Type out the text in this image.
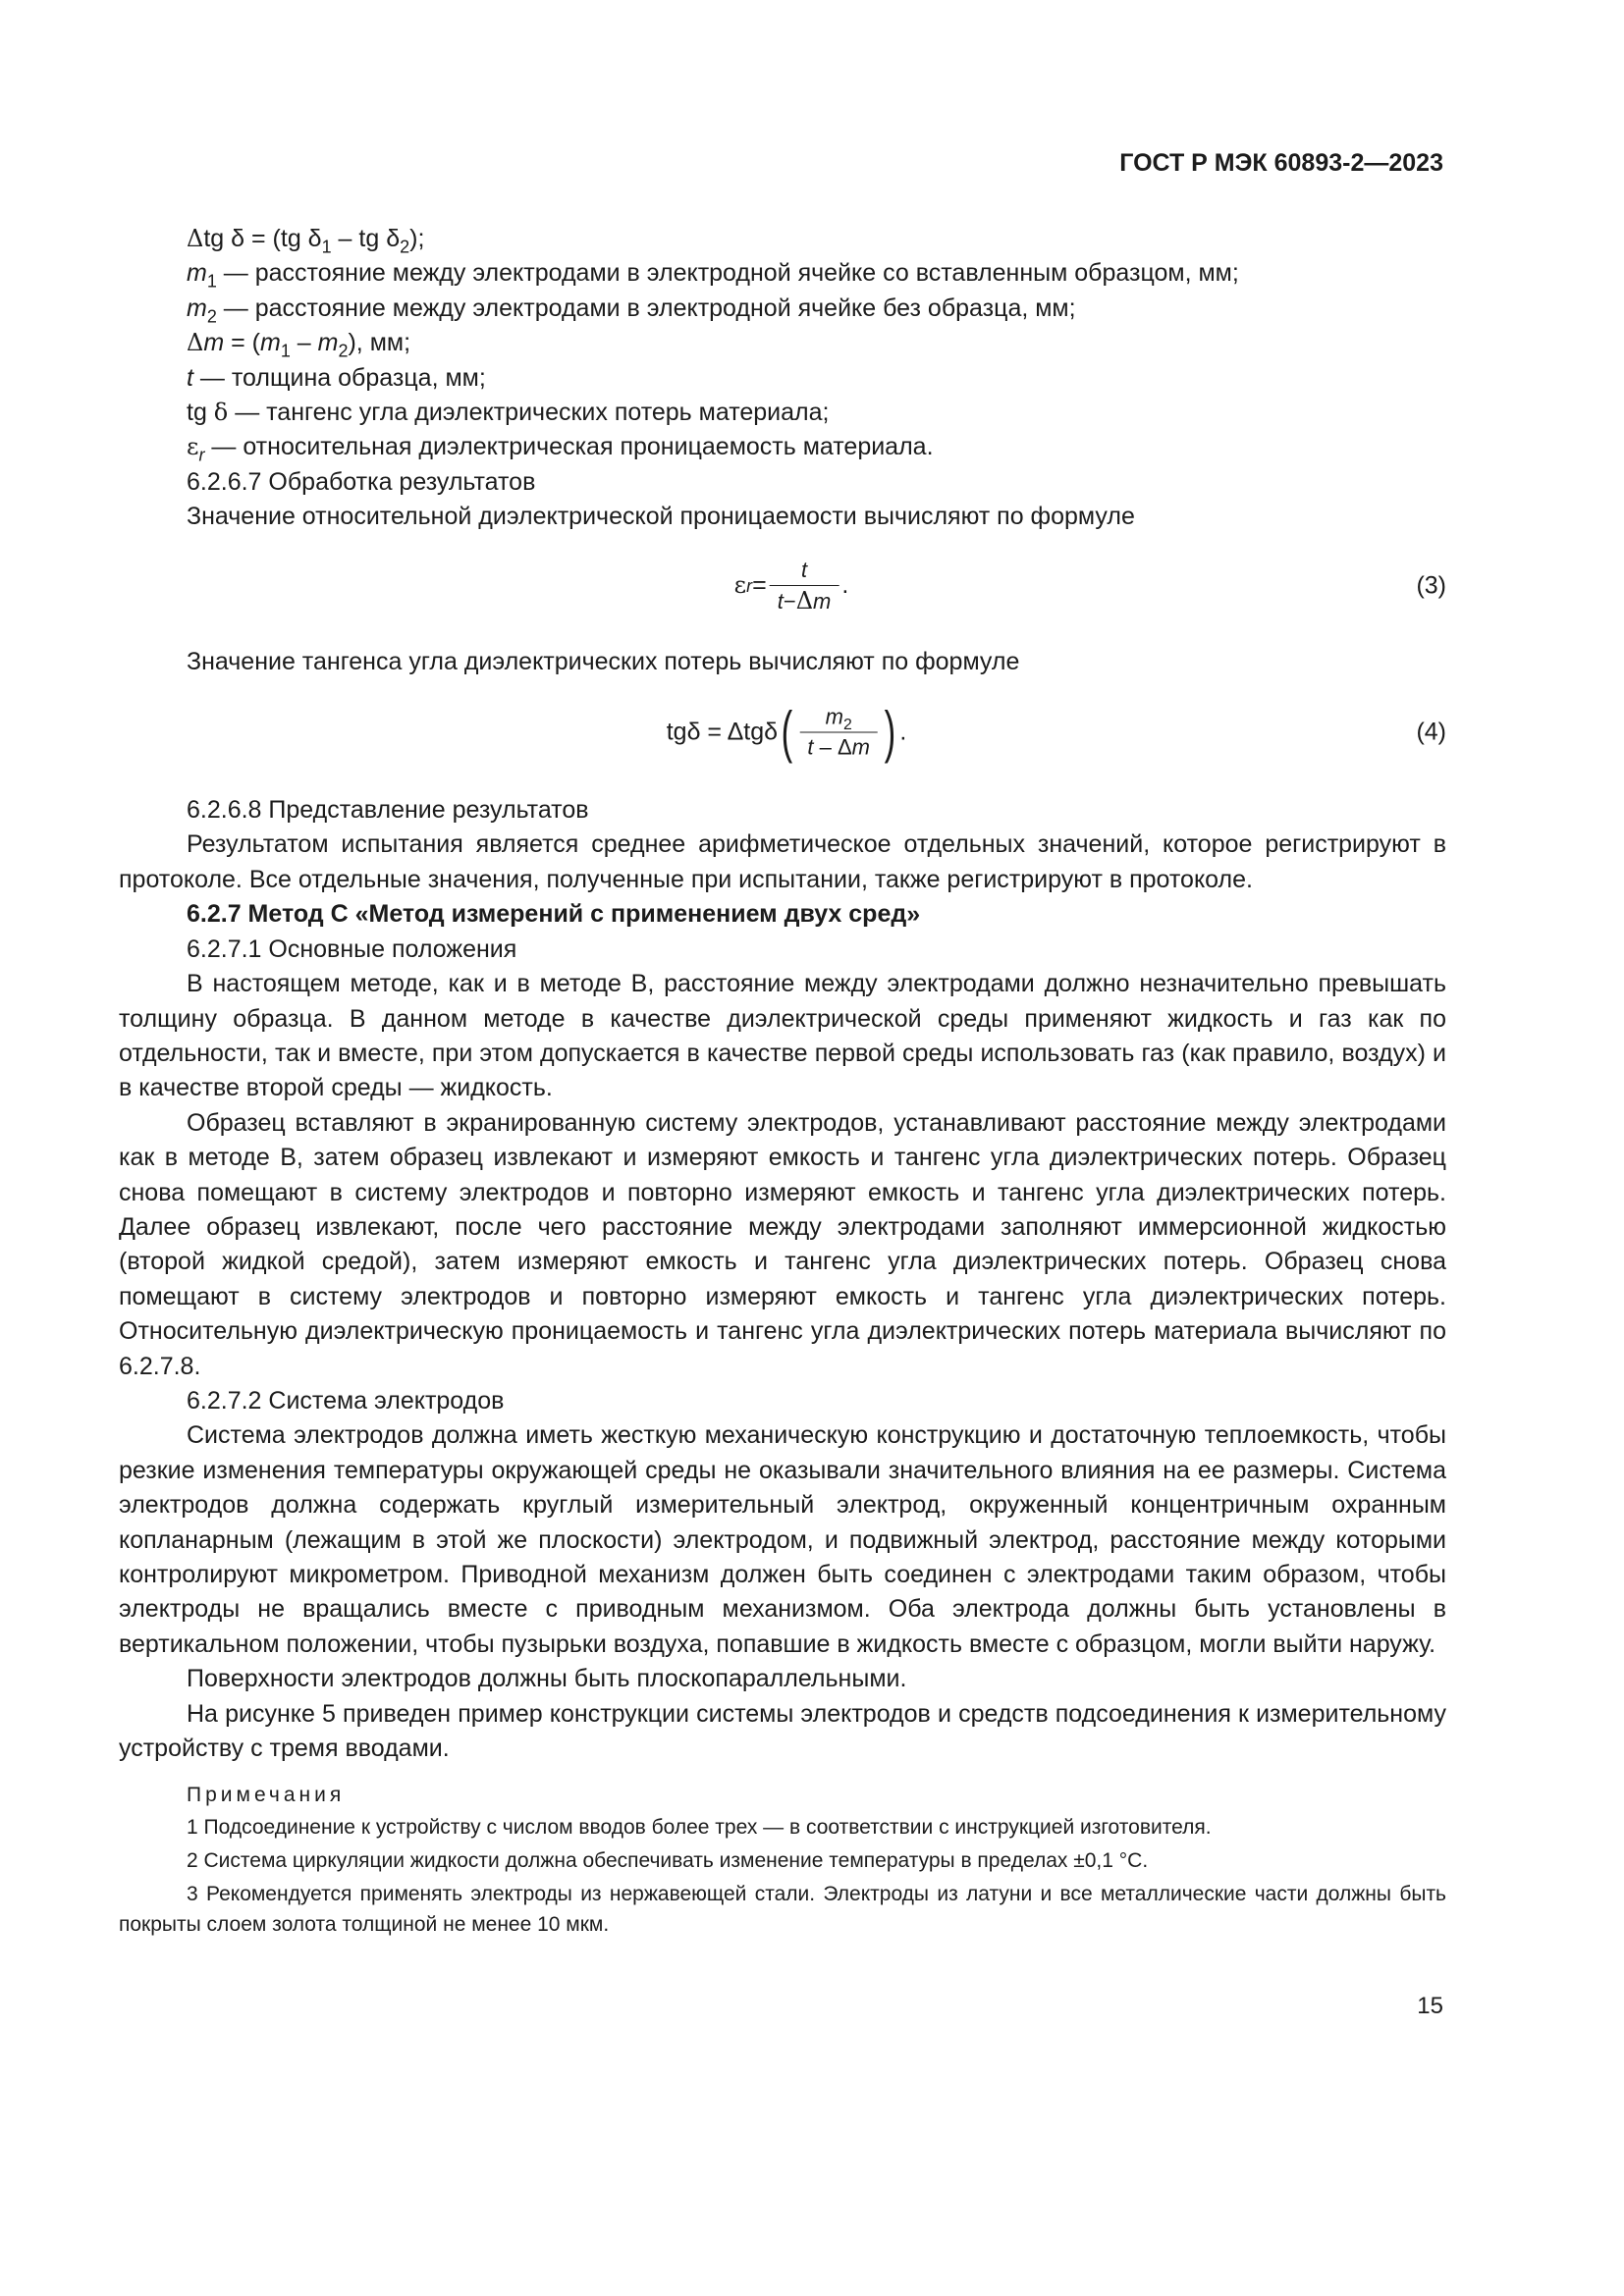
ГОСТ Р МЭК 60893-2—2023

Δtg δ = (tg $\delta_1$ – tg $\delta_2$);

$m_1$ — расстояние между электродами в электродной ячейке со вставленным образцом, мм;

$m_2$ — расстояние между электродами в электродной ячейке без образца, мм;

$\Delta m = (m_1 - m_2)$, мм;

t — толщина образца, мм;

tg δ — тангенс угла диэлектрических потерь материала;

$\varepsilon_r$ — относительная диэлектрическая проницаемость материала.

6.2.6.7 Обработка результатов

Значение относительной диэлектрической проницаемости вычисляют по формуле

ε $r = \frac{t}{t-\Delta m}$ .	(3)

Значение тангенса угла диэлектрических потерь вычисляют по формуле

tgδ = Δtgδ ( $\frac{m_2}{t - \Delta m}$ ) .	(4)

6.2.6.8 Представление результатов

Результатом испытания является среднее арифметическое отдельных значений, которое регистрируют в протоколе. Все отдельные значения, полученные при испытании, также регистрируют в протоколе.

6.2.7 Метод С «Метод измерений с применением двух сред»

6.2.7.1 Основные положения

В настоящем методе, как и в методе В, расстояние между электродами должно незначительно превышать толщину образца. В данном методе в качестве диэлектрической среды применяют жидкость и газ как по отдельности, так и вместе, при этом допускается в качестве первой среды использовать газ (как правило, воздух) и в качестве второй среды — жидкость.

Образец вставляют в экранированную систему электродов, устанавливают расстояние между электродами как в методе В, затем образец извлекают и измеряют емкость и тангенс угла диэлектрических потерь. Образец снова помещают в систему электродов и повторно измеряют емкость и тангенс угла диэлектрических потерь. Далее образец извлекают, после чего расстояние между электродами заполняют иммерсионной жидкостью (второй жидкой средой), затем измеряют емкость и тангенс угла диэлектрических потерь. Образец снова помещают в систему электродов и повторно измеряют емкость и тангенс угла диэлектрических потерь. Относительную диэлектрическую проницаемость и тангенс угла диэлектрических потерь материала вычисляют по 6.2.7.8.

6.2.7.2 Система электродов

Система электродов должна иметь жесткую механическую конструкцию и достаточную теплоемкость, чтобы резкие изменения температуры окружающей среды не оказывали значительного влияния на ее размеры. Система электродов должна содержать круглый измерительный электрод, окруженный концентричным охранным копланарным (лежащим в этой же плоскости) электродом, и подвижный электрод, расстояние между которыми контролируют микрометром. Приводной механизм должен быть соединен с электродами таким образом, чтобы электроды не вращались вместе с приводным механизмом. Оба электрода должны быть установлены в вертикальном положении, чтобы пузырьки воздуха, попавшие в жидкость вместе с образцом, могли выйти наружу.

Поверхности электродов должны быть плоскопараллельными.

На рисунке 5 приведен пример конструкции системы электродов и средств подсоединения к измерительному устройству с тремя вводами.

Примечания

1 Подсоединение к устройству с числом вводов более трех — в соответствии с инструкцией изготовителя.

2 Система циркуляции жидкости должна обеспечивать изменение температуры в пределах ±0,1 °С.

3 Рекомендуется применять электроды из нержавеющей стали. Электроды из латуни и все металлические части должны быть покрыты слоем золота толщиной не менее 10 мкм.

15
